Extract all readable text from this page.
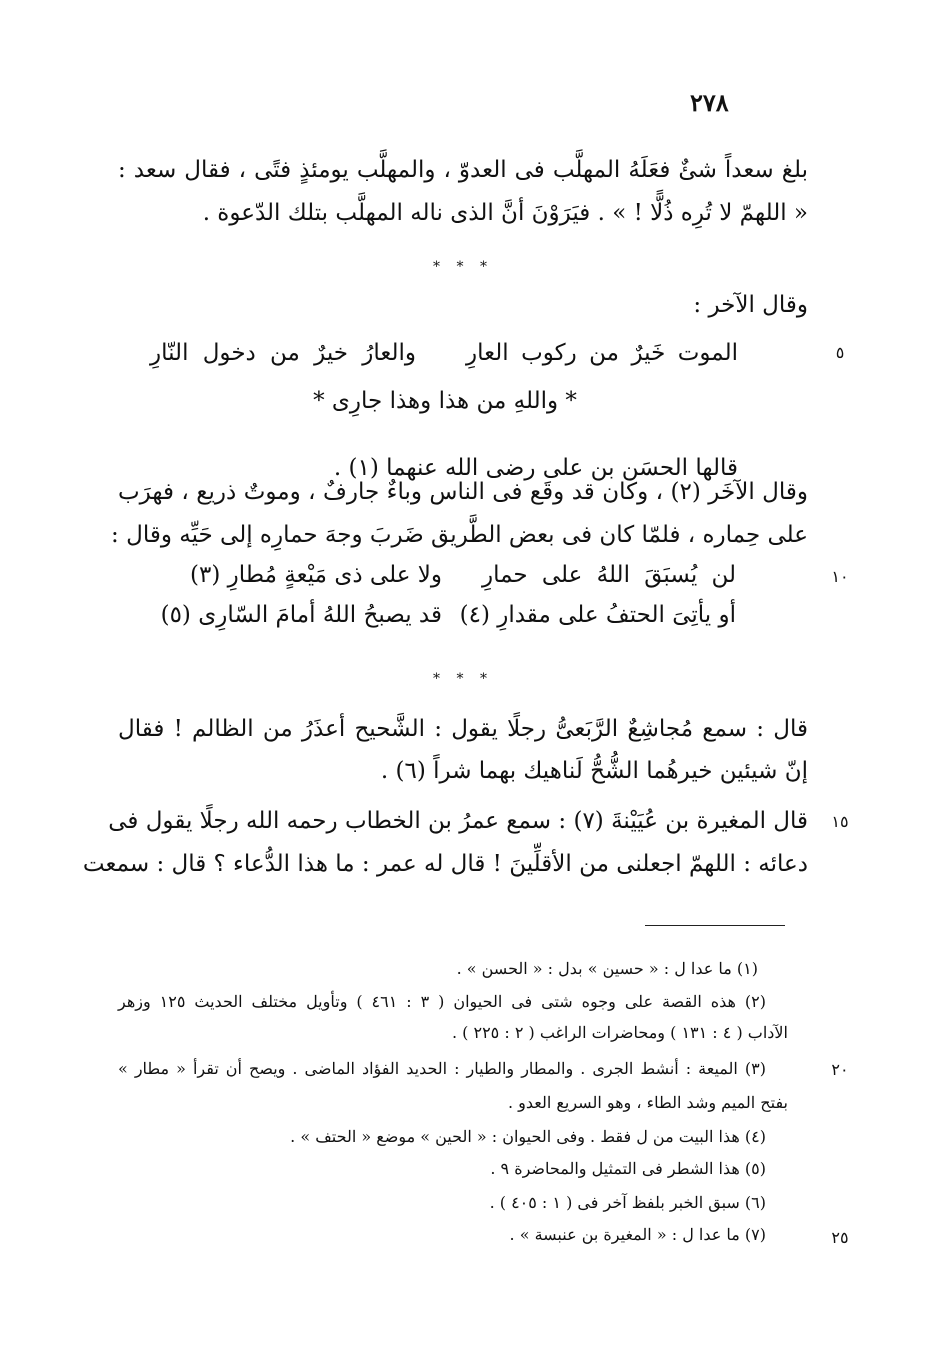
٢٧٨
بلغ سعداً شئٌ فعَلَهُ المهلَّب فى العدوّ ، والمهلَّب يومئذٍ فتًى ، فقال سعد :
« اللهمّ لا تُرِه ذُلًّا ! » . فيَرَوْنَ أنَّ الذى ناله المهلَّب بتلك الدّعوة .
* * *
وقال الآخر :
٥
الموت خَيرٌ من ركوب العارِ
والعارُ خيرٌ من دخول النّارِ
* واللهِ من هذا وهذا جارِى *
قالها الحسَن بن على رضى الله عنهما (١) .
وقال الآخَر (٢) ، وكان قد وقَع فى الناس وباءٌ جارفٌ ، وموتٌ ذريع ، فهرَب
على حِماره ، فلمّا كان فى بعض الطَّريق ضَربَ وجهَ حمارِه إلى حَيِّه وقال :
١٠
لن يُسبَقَ اللهُ على حمارِ
ولا على ذى مَيْعةٍ مُطارِ (٣)
أو يأتِىَ الحتفُ على مقدارِ (٤)
قد يصبحُ اللهُ أمامَ السّارِى (٥)
* * *
قال : سمع مُجاشِعٌ الرَّبَعىُّ رجلًا يقول : الشَّحيح أعذَرُ من الظالم ! فقال
إنّ شيئين خيرهُما الشُّحُّ لَناهيك بهما شراً (٦) .
١٥
قال المغيرة بن عُيَيْنةَ (٧) : سمع عمرُ بن الخطاب رحمه الله رجلًا يقول فى
دعائه : اللهمّ اجعلنى من الأقلِّينَ ! قال له عمر : ما هذا الدُّعاء ؟ قال : سمعت
(١) ما عدا ل : « حسين » بدل : « الحسن » .
(٢) هذه القصة على وجوه شتى فى الحيوان ( ٣ : ٤٦١ ) وتأويل مختلف الحديث ١٢٥ وزهر
الآداب ( ٤ : ١٣١ ) ومحاضرات الراغب ( ٢ : ٢٢٥ ) .
٢٠
(٣) الميعة : أنشط الجرى . والمطار والطيار : الحديد الفؤاد الماضى . ويصح أن تقرأ « مطار »
بفتح الميم وشد الطاء ، وهو السريع العدو .
(٤) هذا البيت من ل فقط . وفى الحيوان : « الحين » موضع « الحتف » .
(٥) هذا الشطر فى التمثيل والمحاضرة ٩ .
(٦) سبق الخبر بلفظ آخر فى ( ١ : ٤٠٥ ) .
٢٥
(٧) ما عدا ل : « المغيرة بن عنبسة » .
